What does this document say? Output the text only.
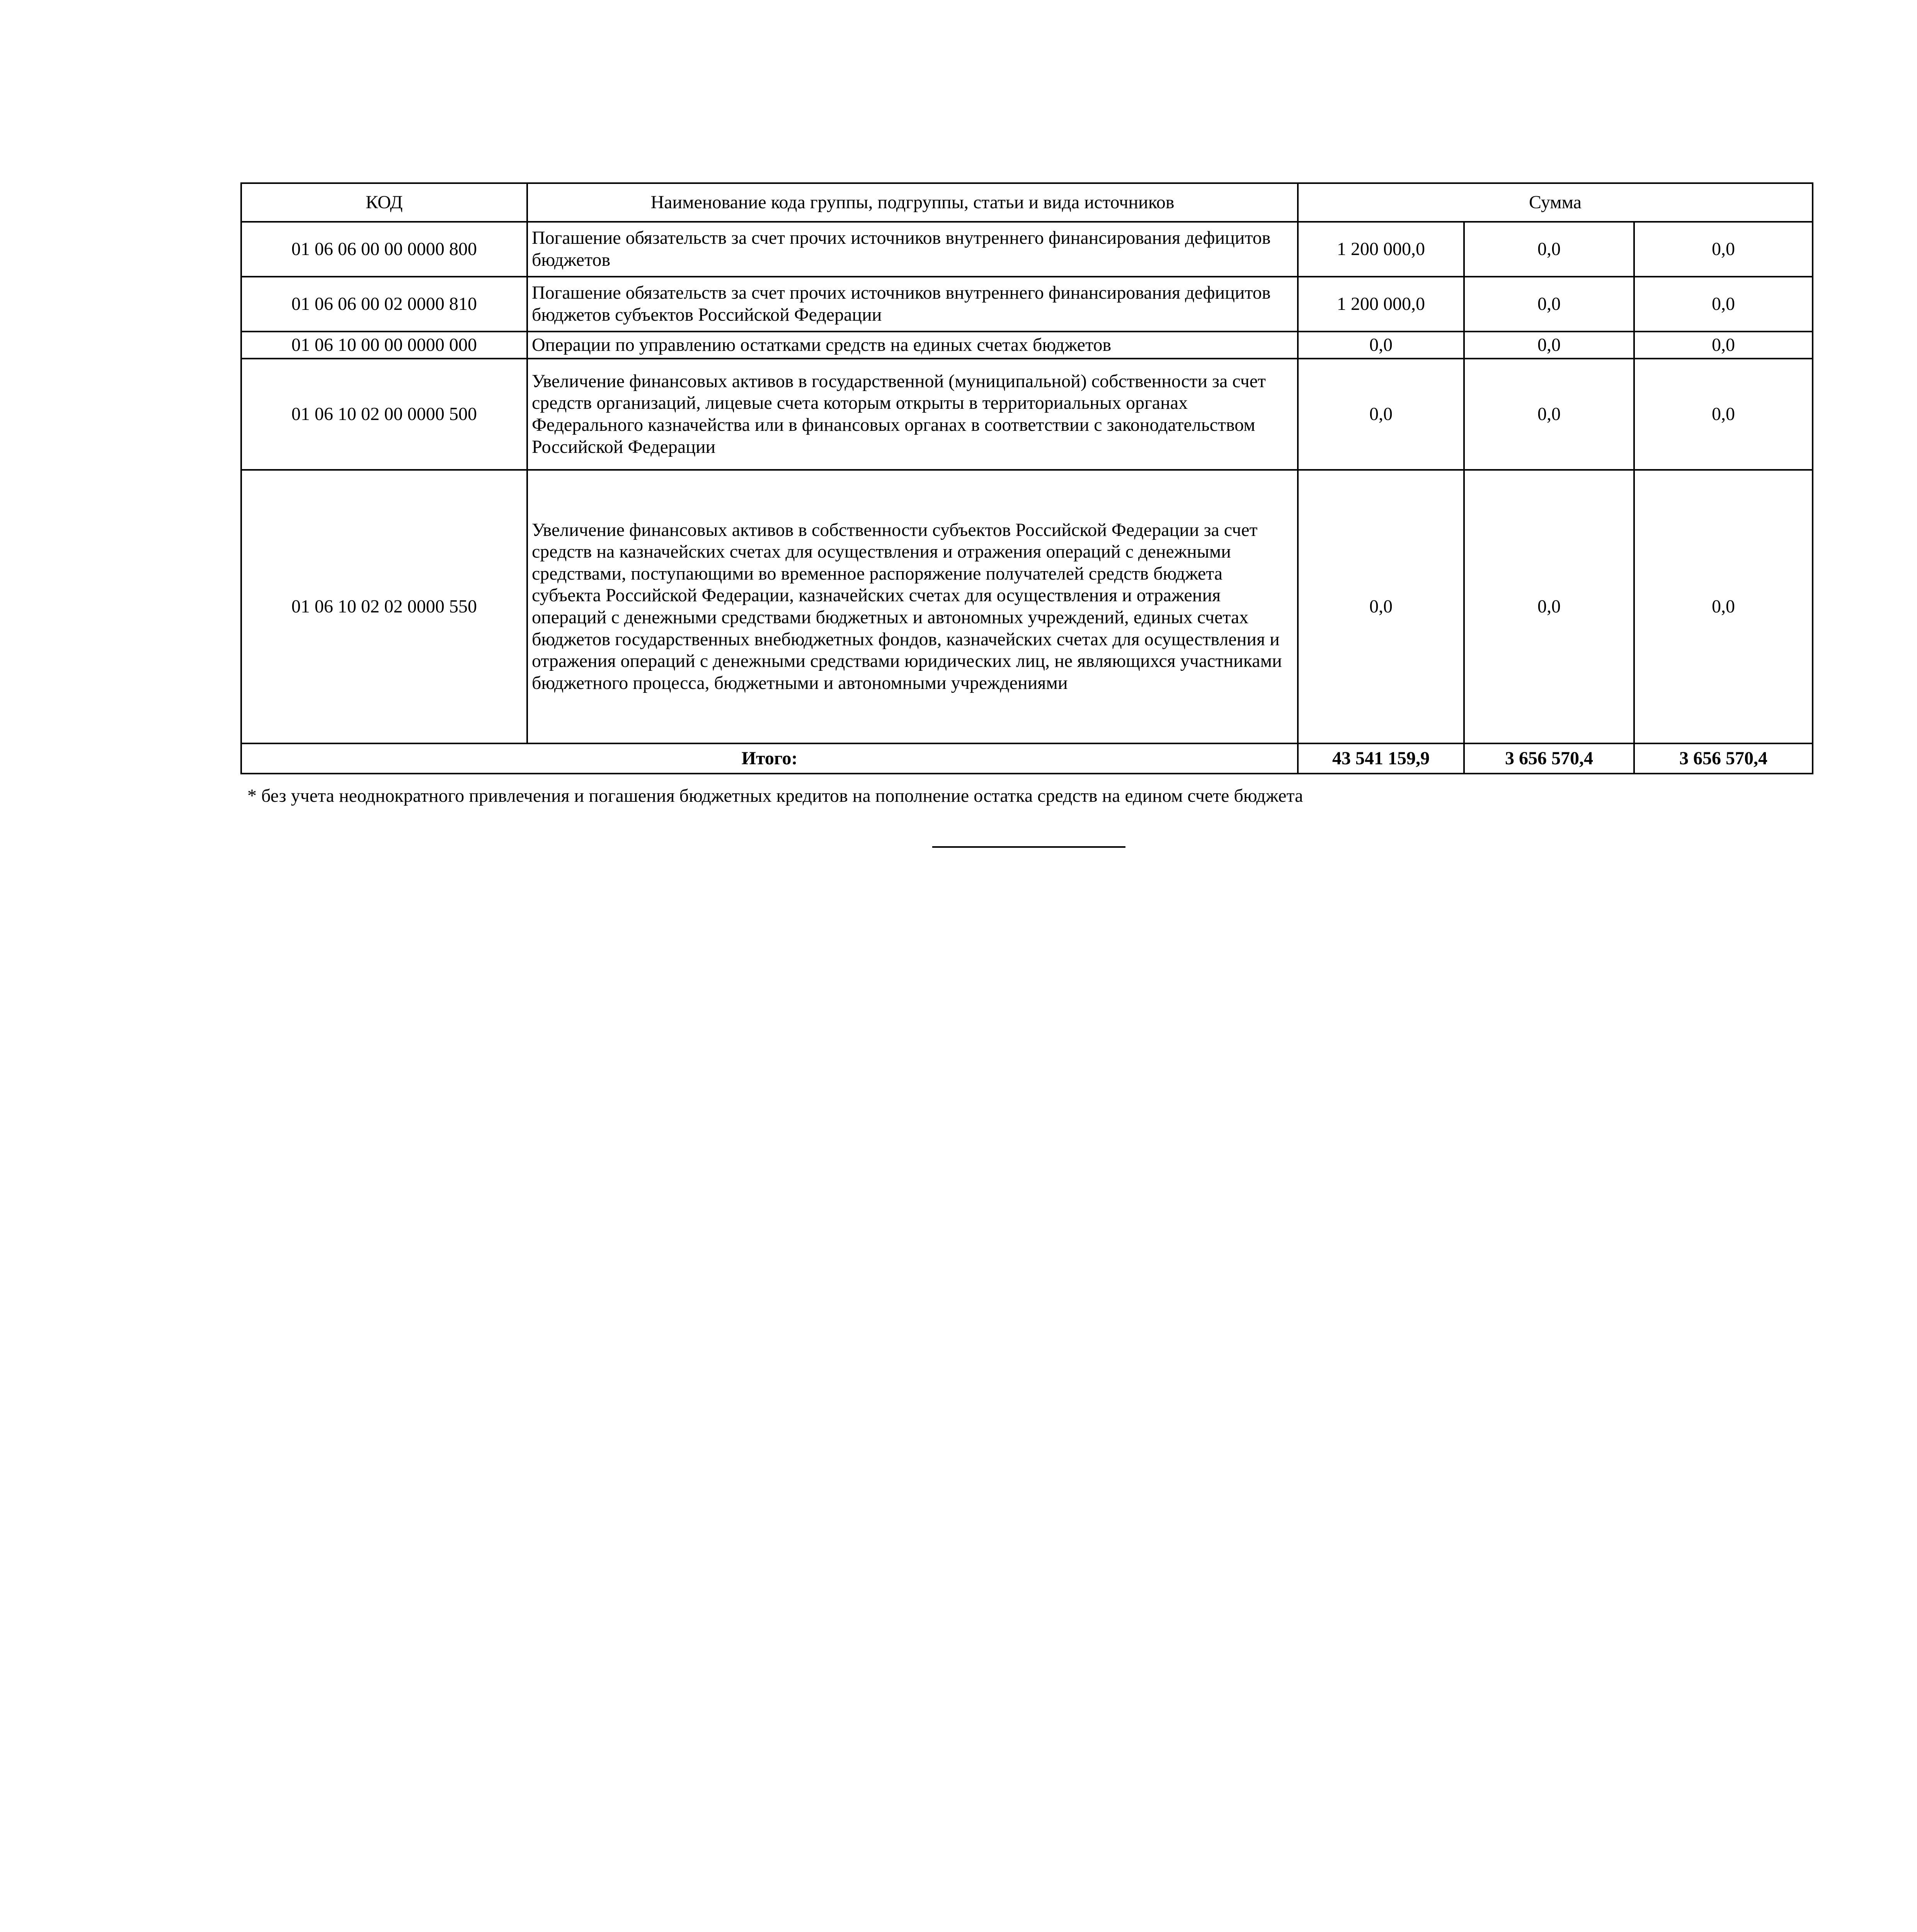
КОД	Наименование кода группы, подгруппы, статьи и вида источников	Сумма		
01 06 06 00 00 0000 800	Погашение обязательств за счет прочих источников внутреннего финансирования дефицитов бюджетов	1 200 000,0	0,0	0,0
01 06 06 00 02 0000 810	Погашение обязательств за счет прочих источников внутреннего финансирования дефицитов бюджетов субъектов Российской Федерации	1 200 000,0	0,0	0,0
01 06 10 00 00 0000 000	Операции по управлению остатками средств на единых счетах бюджетов	0,0	0,0	0,0
01 06 10 02 00 0000 500	Увеличение финансовых активов в государственной (муниципальной) собственности за счет средств организаций, лицевые счета которым открыты в территориальных органах Федерального казначейства или в финансовых органах в соответствии с законодательством Российской Федерации	0,0	0,0	0,0
01 06 10 02 02 0000 550	Увеличение финансовых активов в собственности субъектов Российской Федерации за счет средств на казначейских счетах для осуществления и отражения операций с денежными средствами, поступающими во временное распоряжение получателей средств бюджета субъекта Российской Федерации, казначейских счетах для осуществления и отражения операций с денежными средствами бюджетных и автономных учреждений, единых счетах бюджетов государственных внебюджетных фондов, казначейских счетах для осуществления и отражения операций с денежными средствами юридических лиц, не являющихся участниками бюджетного процесса, бюджетными и автономными учреждениями	0,0	0,0	0,0
Итого:		43 541 159,9	3 656 570,4	3 656 570,4
* без учета неоднократного привлечения и погашения бюджетных кредитов на пополнение остатка средств на едином счете бюджета
